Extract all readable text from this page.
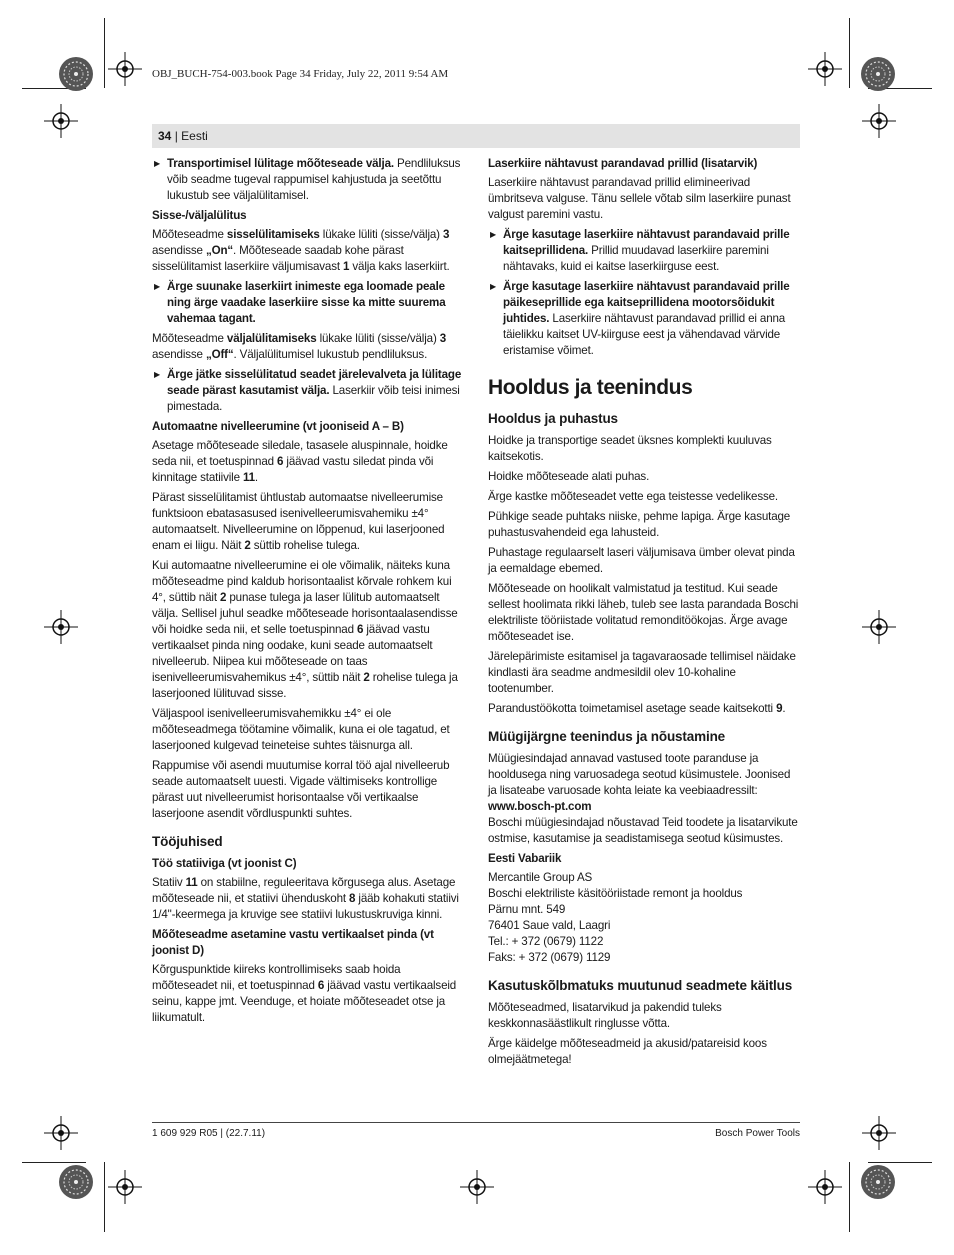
OBJ_BUCH-754-003.book Page 34 Friday, July 22, 2011 9:54 AM
34 | Eesti

▶ Transportimisel lülitage mõõteseade välja. Pendliluksus võib seadme tugeval rappumisel kahjustuda ja seetõttu lukustub see väljalülitamisel.

Sisse-/väljalülitus

Mõõteseadme sisselülitamiseks lükake lüliti (sisse/välja) 3 asendisse „On“. Mõõteseade saadab kohe pärast sisselülitamist laserkiire väljumisavast 1 välja kaks laserkiirt.

▶ Ärge suunake laserkiirt inimeste ega loomade peale ning ärge vaadake laserkiire sisse ka mitte suurema vahemaa tagant.

Mõõteseadme väljalülitamiseks lükake lüliti (sisse/välja) 3 asendisse „Off“. Väljalülitumisel lukustub pendliluksus.

▶ Ärge jätke sisselülitatud seadet järelevalveta ja lülitage seade pärast kasutamist välja. Laserkiir võib teisi inimesi pimestada.

Automaatne nivelleerumine (vt jooniseid A – B)

Asetage mõõteseade siledale, tasasele aluspinnale, hoidke seda nii, et toetuspinnad 6 jäävad vastu siledat pinda või kinnitage statiivile 11.

Pärast sisselülitamist ühtlustab automaatse nivelleerumise funktsioon ebatasasused isenivelleerumisvahemiku ±4° automaatselt. Nivelleerumine on lõppenud, kui laserjooned enam ei liigu. Näit 2 süttib rohelise tulega.

Kui automaatne nivelleerumine ei ole võimalik, näiteks kuna mõõteseadme pind kaldub horisontaalist kõrvale rohkem kui 4°, süttib näit 2 punase tulega ja laser lülitub automaatselt välja. Sellisel juhul seadke mõõteseade horisontaalasendisse või hoidke seda nii, et selle toetuspinnad 6 jäävad vastu vertikaalset pinda ning oodake, kuni seade automaatselt nivelleerub. Niipea kui mõõteseade on taas isenivelleerumisvahemikus ±4°, süttib näit 2 rohelise tulega ja laserjooned lülituvad sisse.

Väljaspool isenivelleerumisvahemikku ±4° ei ole mõõteseadmega töötamine võimalik, kuna ei ole tagatud, et laserjooned kulgevad teineteise suhtes täisnurga all.

Rappumise või asendi muutumise korral töö ajal nivelleerub seade automaatselt uuesti. Vigade vältimiseks kontrollige pärast uut nivelleerumist horisontaalse või vertikaalse laserjoone asendit võrdluspunkti suhtes.

Tööjuhised
Töö statiiviga (vt joonist C)

Statiiv 11 on stabiilne, reguleeritava kõrgusega alus. Asetage mõõteseade nii, et statiivi ühenduskoht 8 jääb kohakuti statiivi 1/4"-keermega ja kruvige see statiivi lukustuskruviga kinni.

Mõõteseadme asetamine vastu vertikaalset pinda (vt joonist D)

Kõrguspunktide kiireks kontrollimiseks saab hoida mõõteseadet nii, et toetuspinnad 6 jäävad vastu vertikaalseid seinu, kappe jmt. Veenduge, et hoiate mõõteseadet otse ja liikumatult.

Laserkiire nähtavust parandavad prillid (lisatarvik)

Laserkiire nähtavust parandavad prillid elimineerivad ümbritseva valguse. Tänu sellele võtab silm laserkiire punast valgust paremini vastu.

▶ Ärge kasutage laserkiire nähtavust parandavaid prille kaitseprillidena. Prillid muudavad laserkiire paremini nähtavaks, kuid ei kaitse laserkiirguse eest.

▶ Ärge kasutage laserkiire nähtavust parandavaid prille päikeseprillide ega kaitseprillidena mootorsõidukit juhtides. Laserkiire nähtavust parandavad prillid ei anna täielikku kaitset UV-kiirguse eest ja vähendavad värvide eristamise võimet.

Hooldus ja teenindus
Hooldus ja puhastus

Hoidke ja transportige seadet üksnes komplekti kuuluvas kaitsekotis.

Hoidke mõõteseade alati puhas.

Ärge kastke mõõteseadet vette ega teistesse vedelikesse.

Pühkige seade puhtaks niiske, pehme lapiga. Ärge kasutage puhastusvahendeid ega lahusteid.

Puhastage regulaarselt laseri väljumisava ümber olevat pinda ja eemaldage ebemed.

Mõõteseade on hoolikalt valmistatud ja testitud. Kui seade sellest hoolimata rikki läheb, tuleb see lasta parandada Boschi elektriliste tööriistade volitatud remonditöökojas. Ärge avage mõõteseadet ise.

Järelepärimiste esitamisel ja tagavaraosade tellimisel näidake kindlasti ära seadme andmesildil olev 10-kohaline tootenumber.

Parandustöökotta toimetamisel asetage seade kaitsekotti 9.

Müügijärgne teenindus ja nõustamine

Müügiesindajad annavad vastused toote paranduse ja hooldusega ning varuosadega seotud küsimustele. Joonised ja lisateabe varuosade kohta leiate ka veebiaadressilt:

www.bosch-pt.com

Boschi müügiesindajad nõustavad Teid toodete ja lisatarvikute ostmise, kasutamise ja seadistamisega seotud küsimustes.

Eesti Vabariik
Mercantile Group AS
Boschi elektriliste käsitööriistade remont ja hooldus
Pärnu mnt. 549
76401 Saue vald, Laagri
Tel.: + 372 (0679) 1122
Faks: + 372 (0679) 1129
Kasutuskõlbmatuks muutunud seadmete käitlus

Mõõteseadmed, lisatarvikud ja pakendid tuleks keskkonnasäästlikult ringlusse võtta.

Ärge käidelge mõõteseadmeid ja akusid/patareisid koos olmejäätmetega!

1 609 929 R05 | (22.7.11)	Bosch Power Tools
